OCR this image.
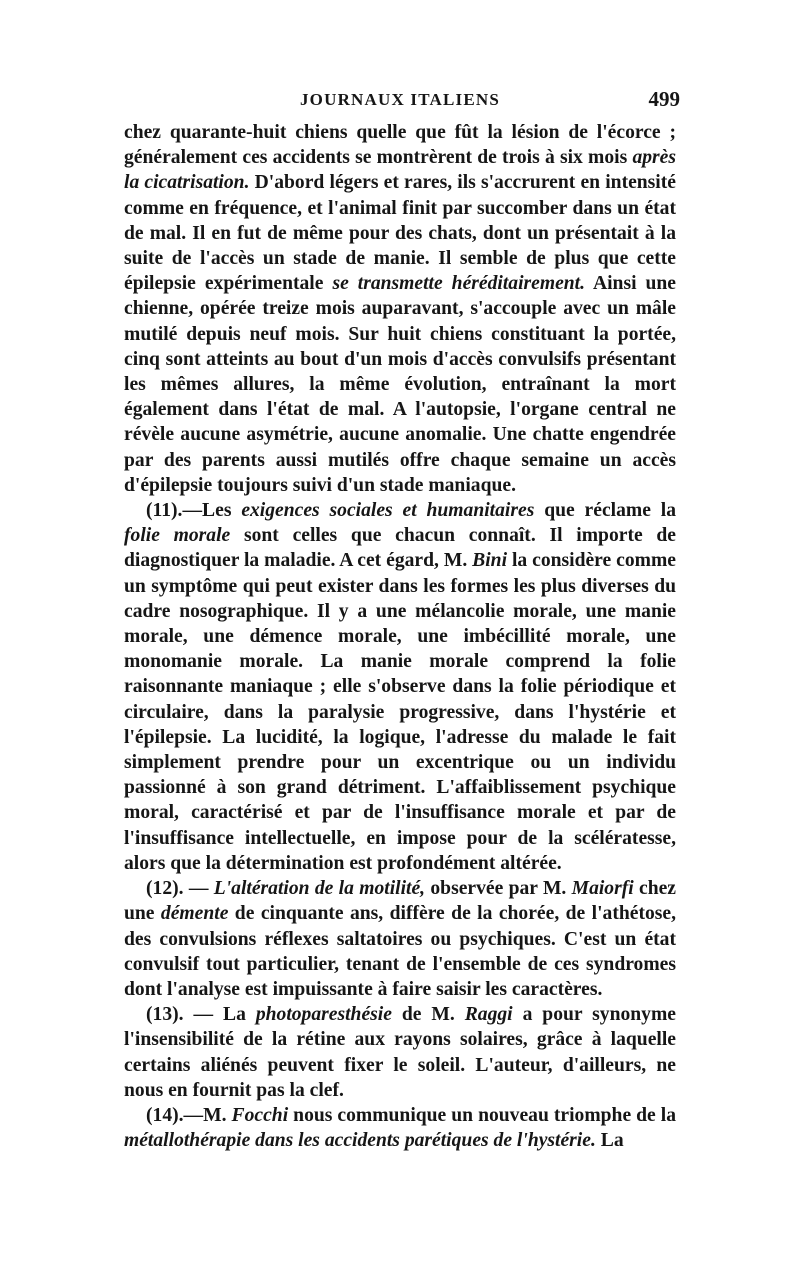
JOURNAUX ITALIENS	499

chez quarante-huit chiens quelle que fût la lésion de l'écorce ; généralement ces accidents se montrèrent de trois à six mois après la cicatrisation. D'abord légers et rares, ils s'accrurent en intensité comme en fréquence, et l'animal finit par succomber dans un état de mal. Il en fut de même pour des chats, dont un présentait à la suite de l'accès un stade de manie. Il semble de plus que cette épilepsie expérimentale se transmette héréditairement. Ainsi une chienne, opérée treize mois auparavant, s'accouple avec un mâle mutilé depuis neuf mois. Sur huit chiens constituant la portée, cinq sont atteints au bout d'un mois d'accès convulsifs présentant les mêmes allures, la même évolution, entraînant la mort également dans l'état de mal. A l'autopsie, l'organe central ne révèle aucune asymétrie, aucune anomalie. Une chatte engendrée par des parents aussi mutilés offre chaque semaine un accès d'épilepsie toujours suivi d'un stade maniaque.

(11).—Les exigences sociales et humanitaires que réclame la folie morale sont celles que chacun connaît. Il importe de diagnostiquer la maladie. A cet égard, M. Bini la considère comme un symptôme qui peut exister dans les formes les plus diverses du cadre nosographique. Il y a une mélancolie morale, une manie morale, une démence morale, une imbécillité morale, une monomanie morale. La manie morale comprend la folie raisonnante maniaque ; elle s'observe dans la folie périodique et circulaire, dans la paralysie progressive, dans l'hystérie et l'épilepsie. La lucidité, la logique, l'adresse du malade le fait simplement prendre pour un excentrique ou un individu passionné à son grand détriment. L'affaiblissement psychique moral, caractérisé et par de l'insuffisance morale et par de l'insuffisance intellectuelle, en impose pour de la scélératesse, alors que la détermination est profondément altérée.

(12). — L'altération de la motilité, observée par M. Maiorfi chez une démente de cinquante ans, diffère de la chorée, de l'athétose, des convulsions réflexes saltatoires ou psychiques. C'est un état convulsif tout particulier, tenant de l'ensemble de ces syndromes dont l'analyse est impuissante à faire saisir les caractères.

(13). — La photoparesthésie de M. Raggi a pour synonyme l'insensibilité de la rétine aux rayons solaires, grâce à laquelle certains aliénés peuvent fixer le soleil. L'auteur, d'ailleurs, ne nous en fournit pas la clef.

(14).—M. Focchi nous communique un nouveau triomphe de la métallothérapie dans les accidents parétiques de l'hystérie. La
